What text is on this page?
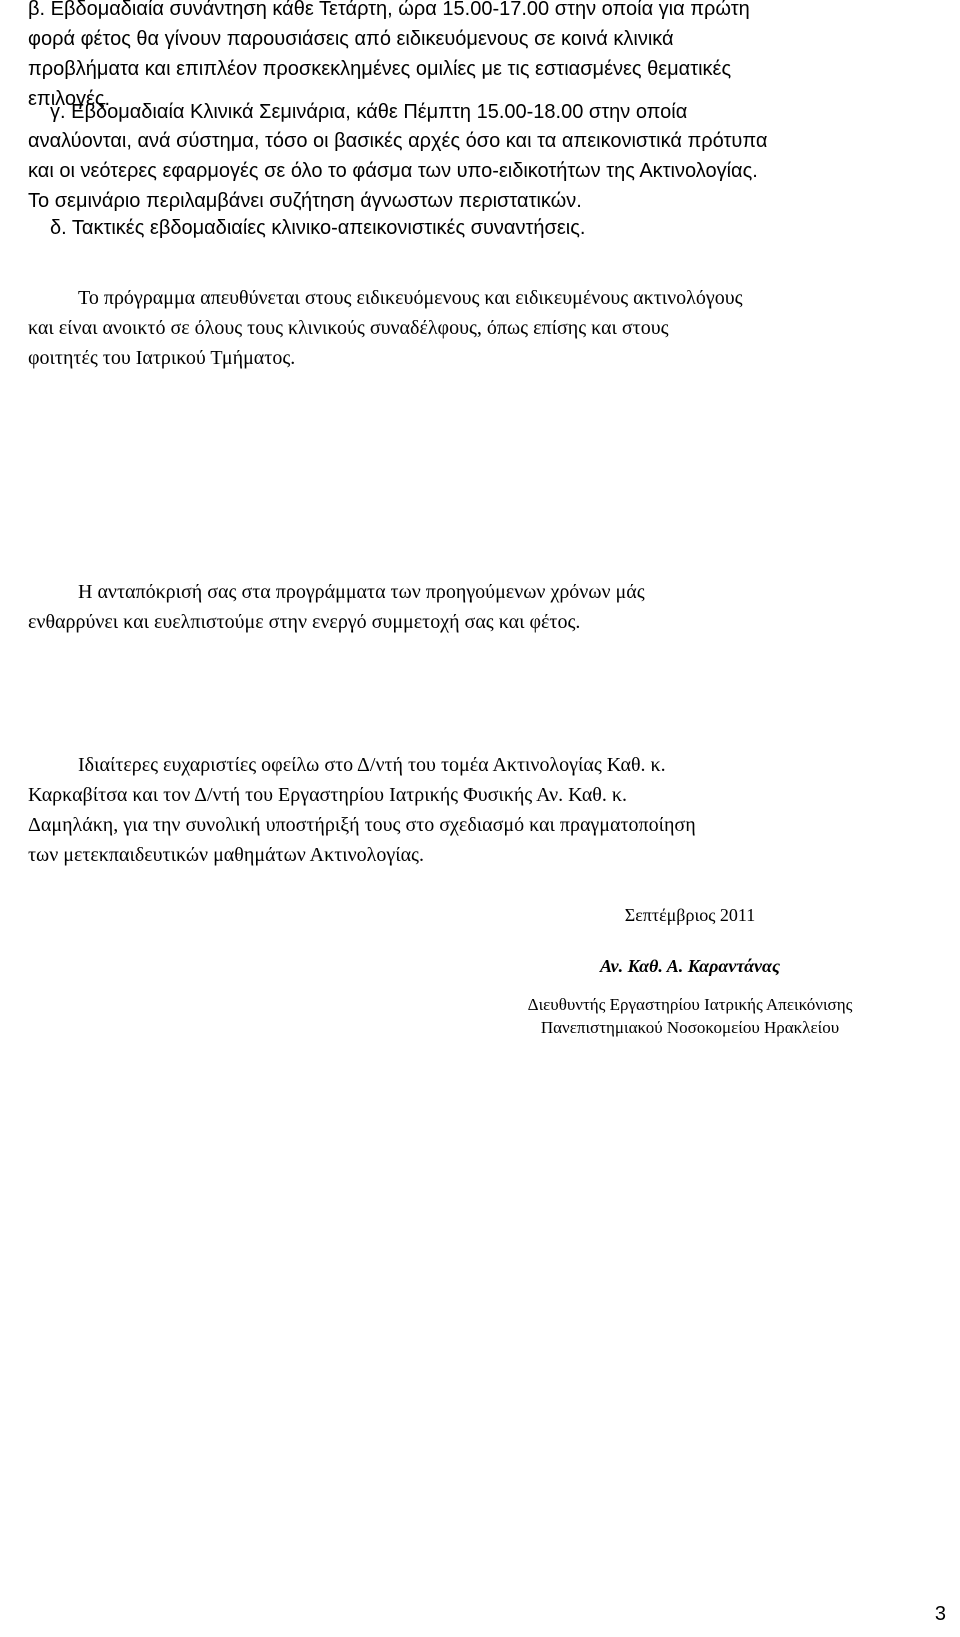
β. Εβδομαδιαία συνάντηση κάθε Τετάρτη, ώρα 15.00-17.00 στην οποία για πρώτη
φορά φέτος θα γίνουν παρουσιάσεις από ειδικευόμενους σε κοινά κλινικά
προβλήματα και επιπλέον προσκεκλημένες ομιλίες με τις εστιασμένες θεματικές
επιλογές.

γ. Εβδομαδιαία Κλινικά Σεμινάρια, κάθε Πέμπτη 15.00-18.00 στην οποία

αναλύονται, ανά σύστημα, τόσο οι βασικές αρχές όσο και τα απεικονιστικά πρότυπα
και οι νεότερες εφαρμογές σε όλο το φάσμα των υπο-ειδικοτήτων της Ακτινολογίας.
Το σεμινάριο περιλαμβάνει συζήτηση άγνωστων περιστατικών.

δ. Τακτικές εβδομαδιαίες κλινικο-απεικονιστικές συναντήσεις.

Το πρόγραμμα απευθύνεται στους ειδικευόμενους και ειδικευμένους ακτινολόγους
και είναι ανοικτό σε όλους τους κλινικούς συναδέλφους, όπως επίσης και στους
φοιτητές του Ιατρικού Τμήματος.

Ιδιαίτερες ευχαριστίες οφείλω στο Δ/ντή του τομέα Ακτινολογίας Καθ. κ.
Καρκαβίτσα και τον Δ/ντή του Εργαστηρίου Ιατρικής Φυσικής Αν. Καθ. κ.
Δαμηλάκη, για την συνολική υποστήριξή τους στο σχεδιασμό και πραγματοποίηση
των μετεκπαιδευτικών μαθημάτων Ακτινολογίας.

Η ανταπόκρισή σας στα προγράμματα των προηγούμενων χρόνων μάς
ενθαρρύνει και ευελπιστούμε στην ενεργό συμμετοχή σας και φέτος.

Σεπτέμβριος 2011
Αν. Καθ. Α. Καραντάνας
Διευθυντής Εργαστηρίου Ιατρικής Απεικόνισης
Πανεπιστημιακού Νοσοκομείου Ηρακλείου
3
